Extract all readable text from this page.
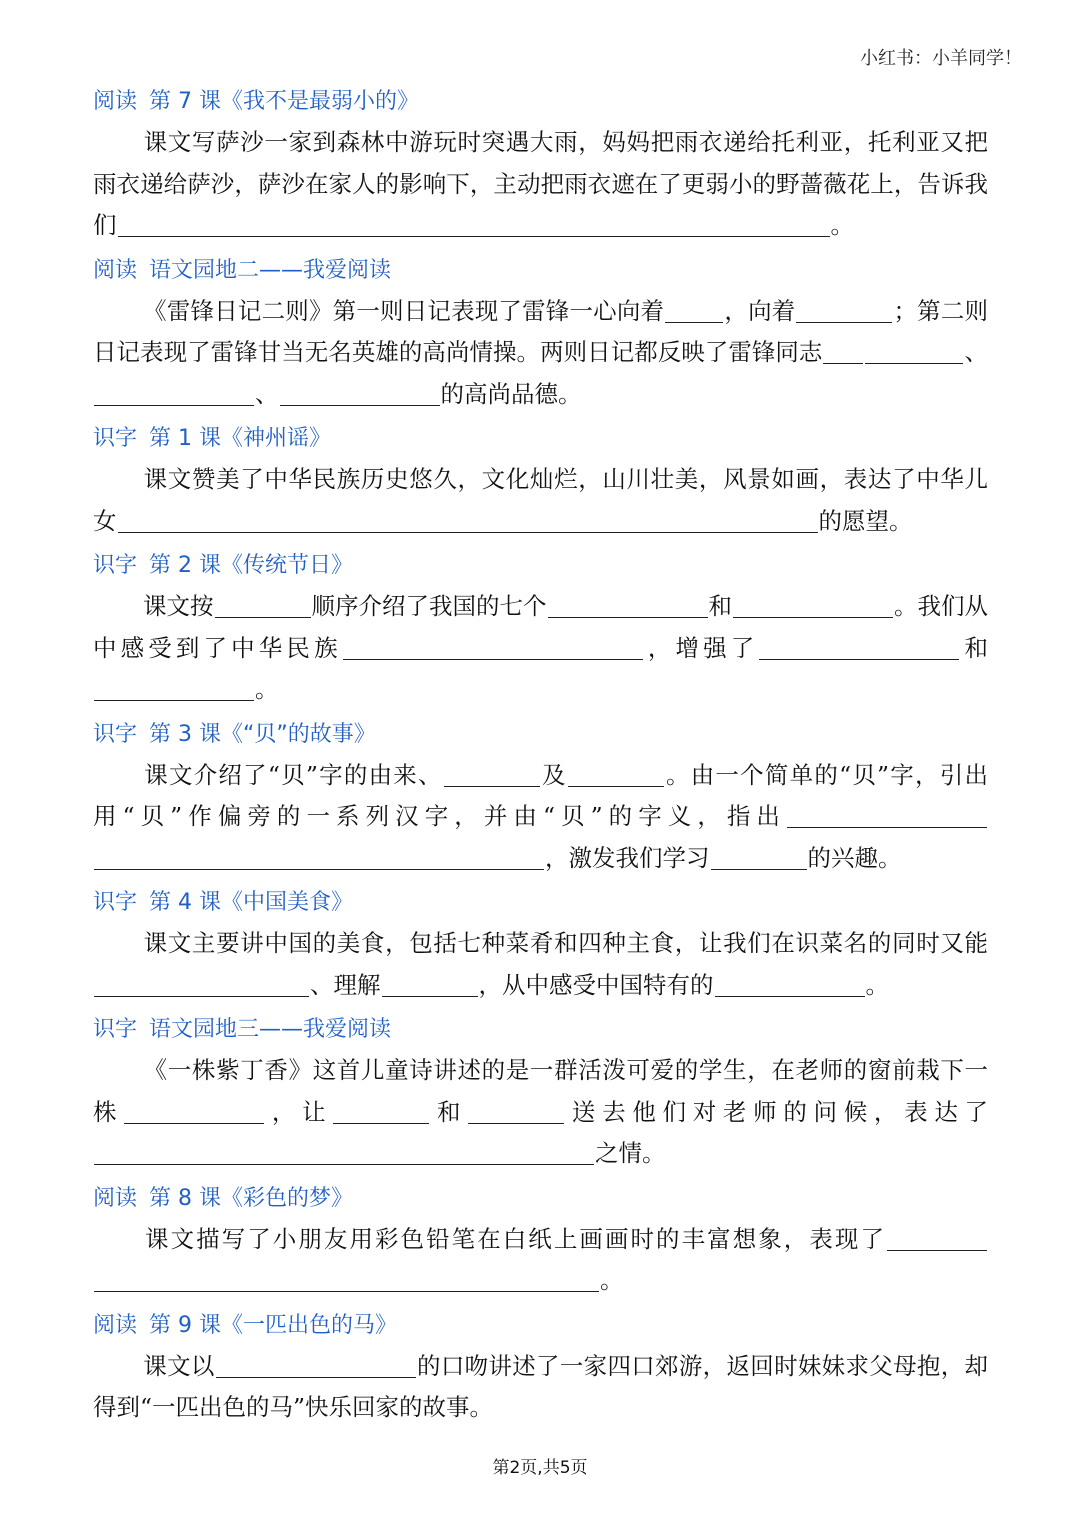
小红书：小羊同学！
阅读 第 7 课《我不是最弱小的》

课文写萨沙一家到森林中游玩时突遇大雨，妈妈把雨衣递给托利亚，托利亚又把雨衣递给萨沙，萨沙在家人的影响下，主动把雨衣遮在了更弱小的野蔷薇花上，告诉我们	。

阅读 语文园地二——我爱阅读

《雷锋日记二则》第一则日记表现了雷锋一心向着	，向着	；第二则日记表现了雷锋甘当无名英雄的高尚情操。两则日记都反映了雷锋同志	、、	的高尚品德。

识字 第 1 课《神州谣》

课文赞美了中华民族历史悠久，文化灿烂，山川壮美，风景如画，表达了中华儿女	的愿望。

识字 第 2 课《传统节日》

课文按	顺序介绍了我国的七个	和	。我们从中感受到了中华民族	，增强了	和。

识字 第 3 课《“贝”的故事》

课文介绍了“贝”字的由来、	及	。由一个简单的“贝”字，引出用“贝”作偏旁的一系列汉字，并由“贝”的字义，指出，激发我们学习	的兴趣。

识字 第 4 课《中国美食》

课文主要讲中国的美食，包括七种菜肴和四种主食，让我们在识菜名的同时又能、理解	，从中感受中国特有的	。

识字 语文园地三——我爱阅读

《一株紫丁香》这首儿童诗讲述的是一群活泼可爱的学生，在老师的窗前栽下一株	，让	和	送去他们对老师的问候，表达了之情。

阅读 第 8 课《彩色的梦》

课文描写了小朋友用彩色铅笔在白纸上画画时的丰富想象，表现了。

阅读 第 9 课《一匹出色的马》

课文以	的口吻讲述了一家四口郊游，返回时妹妹求父母抱，却得到“一匹出色的马”快乐回家的故事。

第2页,共5页
